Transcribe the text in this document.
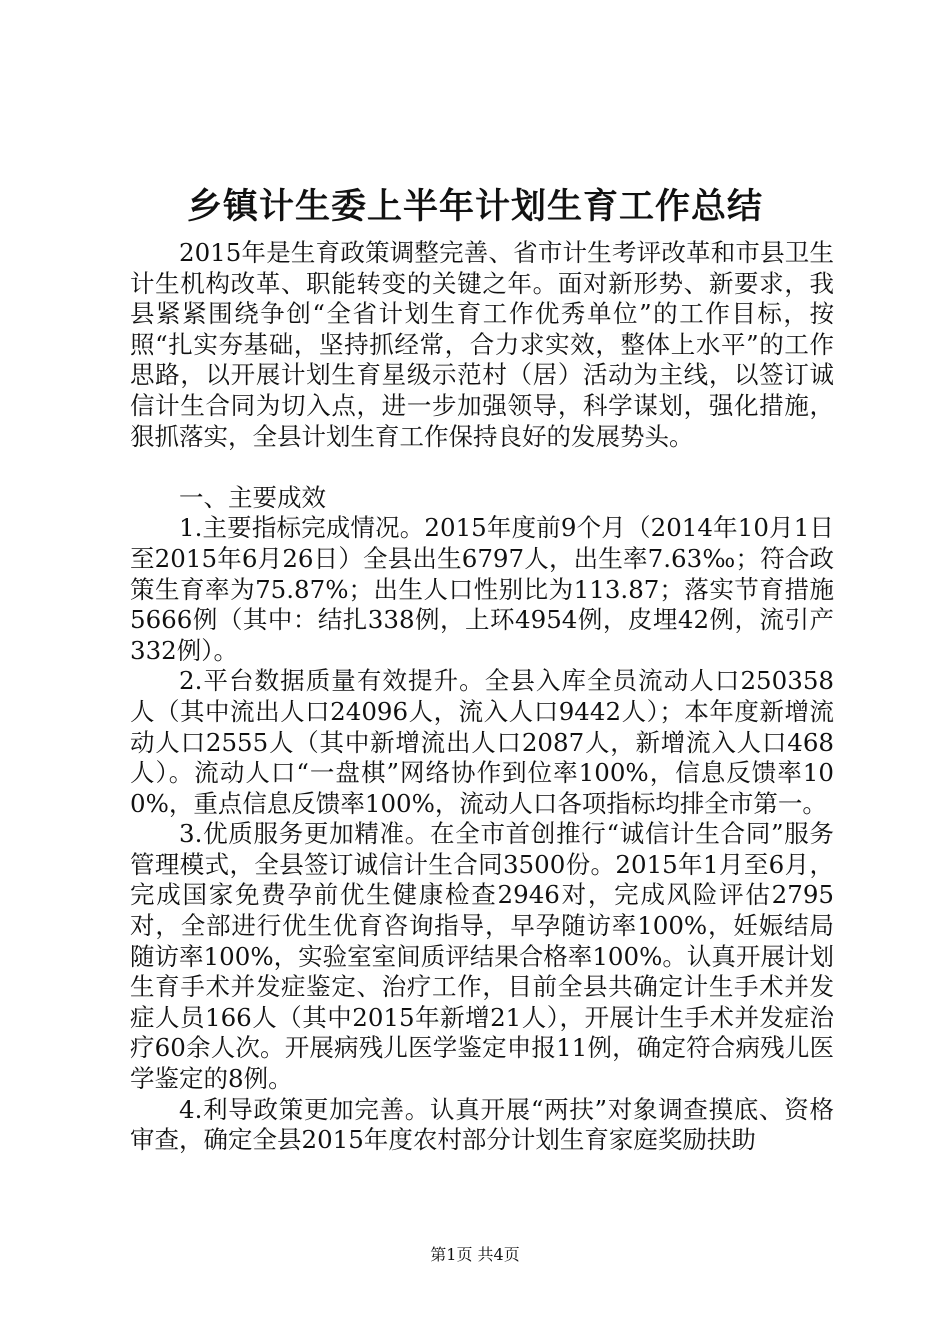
乡镇计生委上半年计划生育工作总结

2015年是生育政策调整完善、省市计生考评改革和市县卫生计生机构改革、职能转变的关键之年。面对新形势、新要求，我县紧紧围绕争创“全省计划生育工作优秀单位”的工作目标，按照“扎实夯基础，坚持抓经常，合力求实效，整体上水平”的工作思路，以开展计划生育星级示范村（居）活动为主线，以签订诚信计生合同为切入点，进一步加强领导，科学谋划，强化措施，狠抓落实，全县计划生育工作保持良好的发展势头。

一、主要成效

1.主要指标完成情况。2015年度前9个月（2014年10月1日至2015年6月26日）全县出生6797人，出生率7.63‰；符合政策生育率为75.87%；出生人口性别比为113.87；落实节育措施5666例（其中：结扎338例，上环4954例，皮埋42例，流引产332例）。

2.平台数据质量有效提升。全县入库全员流动人口250358人（其中流出人口24096人，流入人口9442人）；本年度新增流动人口2555人（其中新增流出人口2087人，新增流入人口468人）。流动人口“一盘棋”网络协作到位率100%，信息反馈率100%，重点信息反馈率100%，流动人口各项指标均排全市第一。

3.优质服务更加精准。在全市首创推行“诚信计生合同”服务管理模式，全县签订诚信计生合同3500份。2015年1月至6月，完成国家免费孕前优生健康检查2946对，完成风险评估2795对，全部进行优生优育咨询指导，早孕随访率100%，妊娠结局随访率100%，实验室室间质评结果合格率100%。认真开展计划生育手术并发症鉴定、治疗工作，目前全县共确定计生手术并发症人员166人（其中2015年新增21人），开展计生手术并发症治疗60余人次。开展病残儿医学鉴定申报11例，确定符合病残儿医学鉴定的8例。

4.利导政策更加完善。认真开展“两扶”对象调查摸底、资格审查，确定全县2015年度农村部分计划生育家庭奖励扶助

第1页 共4页
